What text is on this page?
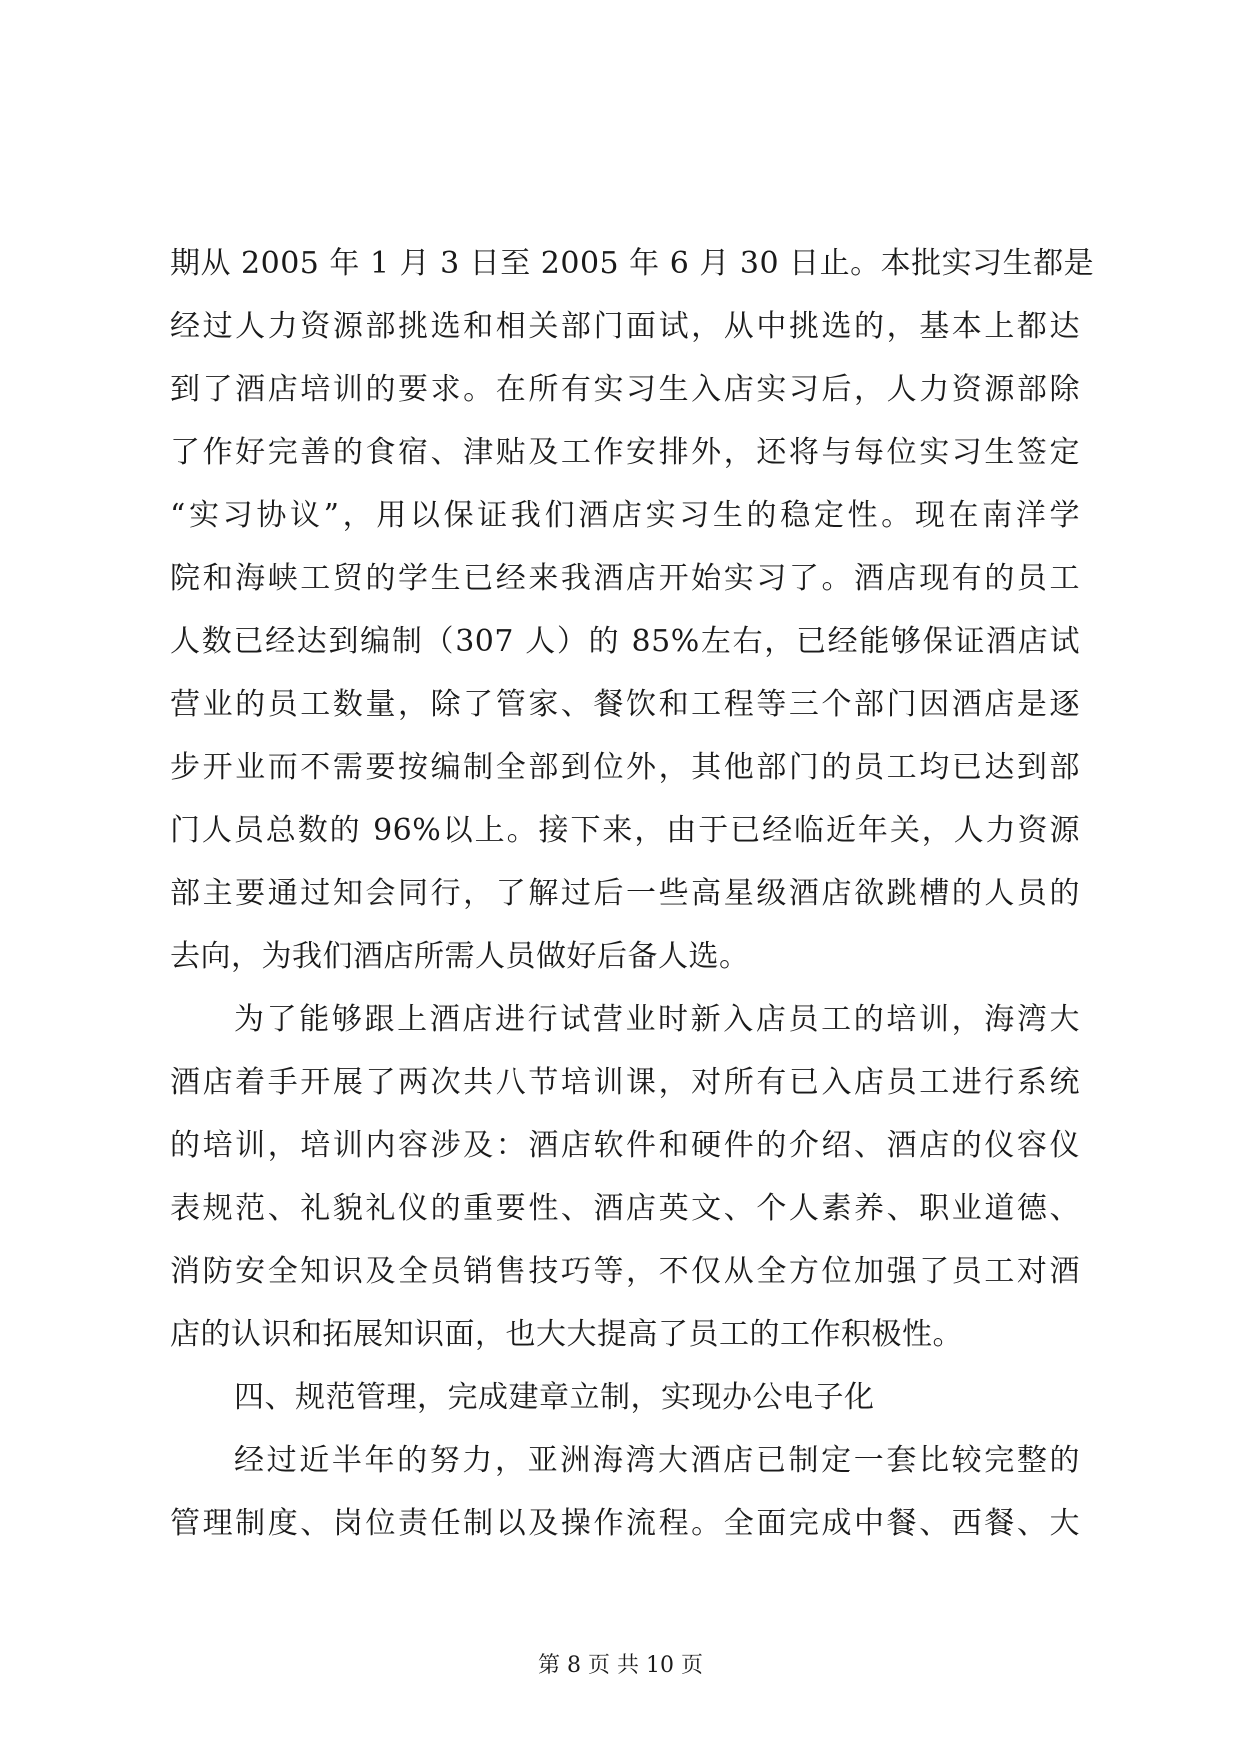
期从 2005 年 1 月 3 日至 2005 年 6 月 30 日止。本批实习生都是
经过人力资源部挑选和相关部门面试，从中挑选的，基本上都达
到了酒店培训的要求。在所有实习生入店实习后，人力资源部除
了作好完善的食宿、津贴及工作安排外，还将与每位实习生签定
“实习协议”，用以保证我们酒店实习生的稳定性。现在南洋学
院和海峡工贸的学生已经来我酒店开始实习了。酒店现有的员工
人数已经达到编制（307 人）的 85%左右，已经能够保证酒店试
营业的员工数量，除了管家、餐饮和工程等三个部门因酒店是逐
步开业而不需要按编制全部到位外，其他部门的员工均已达到部
门人员总数的 96%以上。接下来，由于已经临近年关，人力资源
部主要通过知会同行，了解过后一些高星级酒店欲跳槽的人员的
去向，为我们酒店所需人员做好后备人选。
为了能够跟上酒店进行试营业时新入店员工的培训，海湾大
酒店着手开展了两次共八节培训课，对所有已入店员工进行系统
的培训，培训内容涉及：酒店软件和硬件的介绍、酒店的仪容仪
表规范、礼貌礼仪的重要性、酒店英文、个人素养、职业道德、
消防安全知识及全员销售技巧等，不仅从全方位加强了员工对酒
店的认识和拓展知识面，也大大提高了员工的工作积极性。
四、规范管理，完成建章立制，实现办公电子化
经过近半年的努力，亚洲海湾大酒店已制定一套比较完整的
管理制度、岗位责任制以及操作流程。全面完成中餐、西餐、大
第 8 页 共 10 页
